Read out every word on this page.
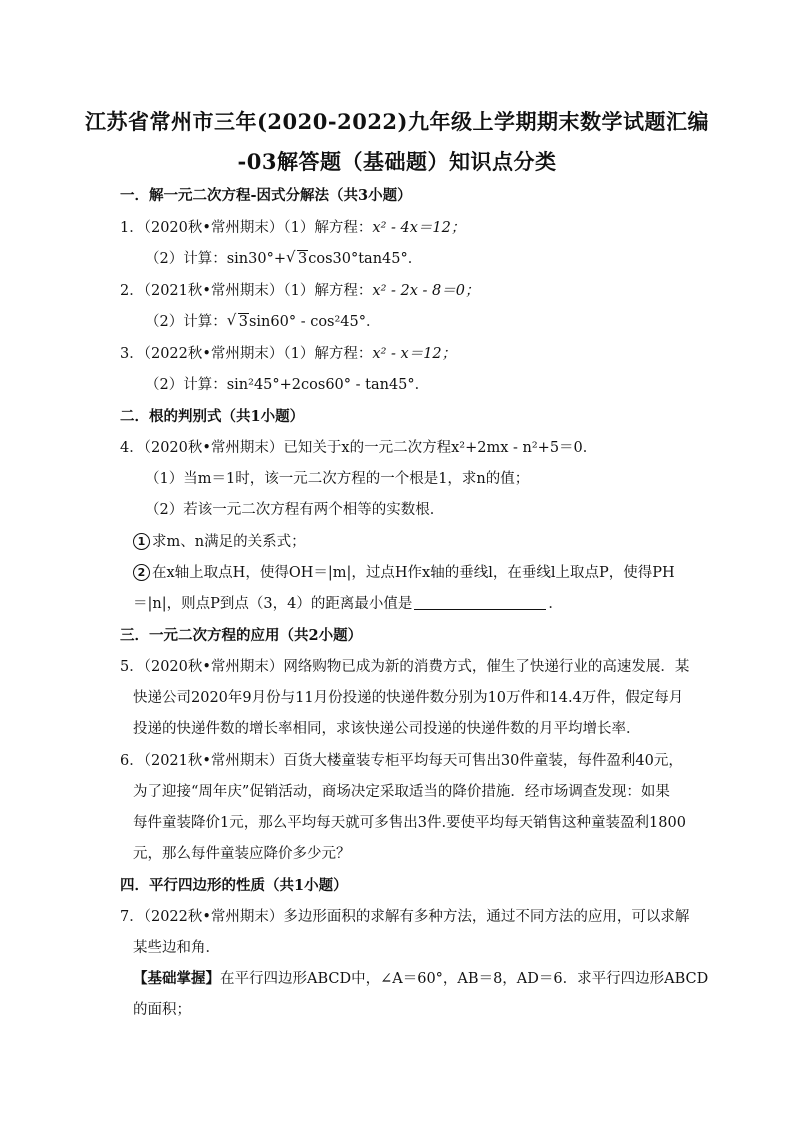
江苏省常州市三年(2020-2022)九年级上学期期末数学试题汇编
-03解答题（基础题）知识点分类
一．解一元二次方程-因式分解法（共3小题）
1．（2020秋•常州期末）（1）解方程：x² - 4x＝12；
（2）计算：sin30°+ √ 3cos30°tan45°．
2．（2021秋•常州期末）（1）解方程：x² - 2x - 8＝0；
（2）计算： √ 3sin60° - cos²45°．
3．（2022秋•常州期末）（1）解方程：x² - x＝12；
（2）计算：sin²45°+2cos60° - tan45°．
二．根的判别式（共1小题）
4．（2020秋•常州期末）已知关于x的一元二次方程x²+2mx - n²+5＝0．
（1）当m＝1时，该一元二次方程的一个根是1，求n的值；
（2）若该一元二次方程有两个相等的实数根．
1 求m、n满足的关系式；
2 在x轴上取点H，使得OH＝|m|，过点H作x轴的垂线l，在垂线l上取点P，使得PH
＝|n|，则点P到点（3，4）的距离最小值是	．
三．一元二次方程的应用（共2小题）
5．（2020秋•常州期末）网络购物已成为新的消费方式，催生了快递行业的高速发展．某
快递公司2020年9月份与11月份投递的快递件数分别为10万件和14.4万件，假定每月
投递的快递件数的增长率相同，求该快递公司投递的快递件数的月平均增长率．
6．（2021秋•常州期末）百货大楼童装专柜平均每天可售出30件童装，每件盈利40元，
为了迎接“周年庆”促销活动，商场决定采取适当的降价措施．经市场调查发现：如果
每件童装降价1元，那么平均每天就可多售出3件.要使平均每天销售这种童装盈利1800
元，那么每件童装应降价多少元？
四．平行四边形的性质（共1小题）
7．（2022秋•常州期末）多边形面积的求解有多种方法，通过不同方法的应用，可以求解
某些边和角．
【基础掌握】在平行四边形ABCD中，∠A＝60°，AB＝8，AD＝6．求平行四边形ABCD
的面积；
